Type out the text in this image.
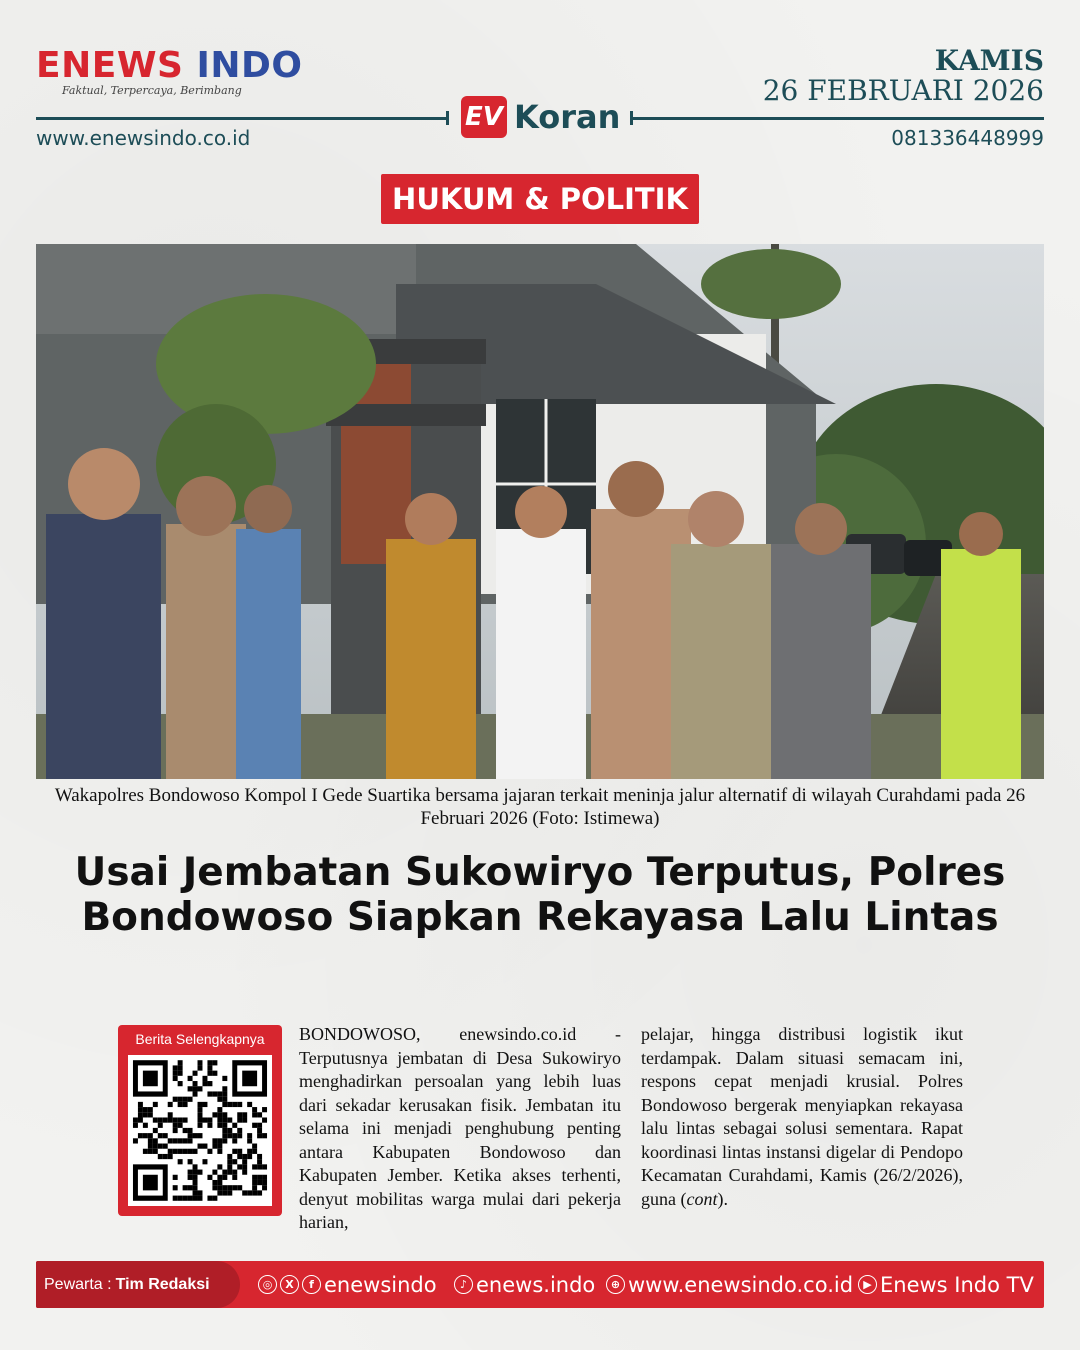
ENEWS INDO
Faktual, Terpercaya, Berimbang
KAMIS
26 FEBRUARI 2026
EV Koran
www.enewsindo.co.id	081336448999
HUKUM & POLITIK
Wakapolres Bondowoso Kompol I Gede Suartika bersama jajaran terkait meninja jalur alternatif di wilayah Curahdami pada 26 Februari 2026 (Foto: Istimewa)
Usai Jembatan Sukowiryo Terputus, Polres Bondowoso Siapkan Rekayasa Lalu Lintas
Berita Selengkapnya	BONDOWOSO, enewsindo.co.id - Terputusnya jembatan di Desa Sukowiryo menghadirkan persoalan yang lebih luas dari sekadar kerusakan fisik. Jembatan itu selama ini menjadi penghubung penting antara Kabupaten Bondowoso dan Kabupaten Jember. Ketika akses terhenti, denyut mobilitas warga mulai dari pekerja harian,
pelajar, hingga distribusi logistik ikut terdampak. Dalam situasi semacam ini, respons cepat menjadi krusial. Polres Bondowoso bergerak menyiapkan rekayasa lalu lintas sebagai solusi sementara. Rapat koordinasi lintas instansi digelar di Pendopo Kecamatan Curahdami, Kamis (26/2/2026), guna (cont).
Pewarta : Tim Redaksi	◎	X	f enewsindo	♪ enews.indo	⊕ www.enewsindo.co.id ▶ Enews Indo TV
